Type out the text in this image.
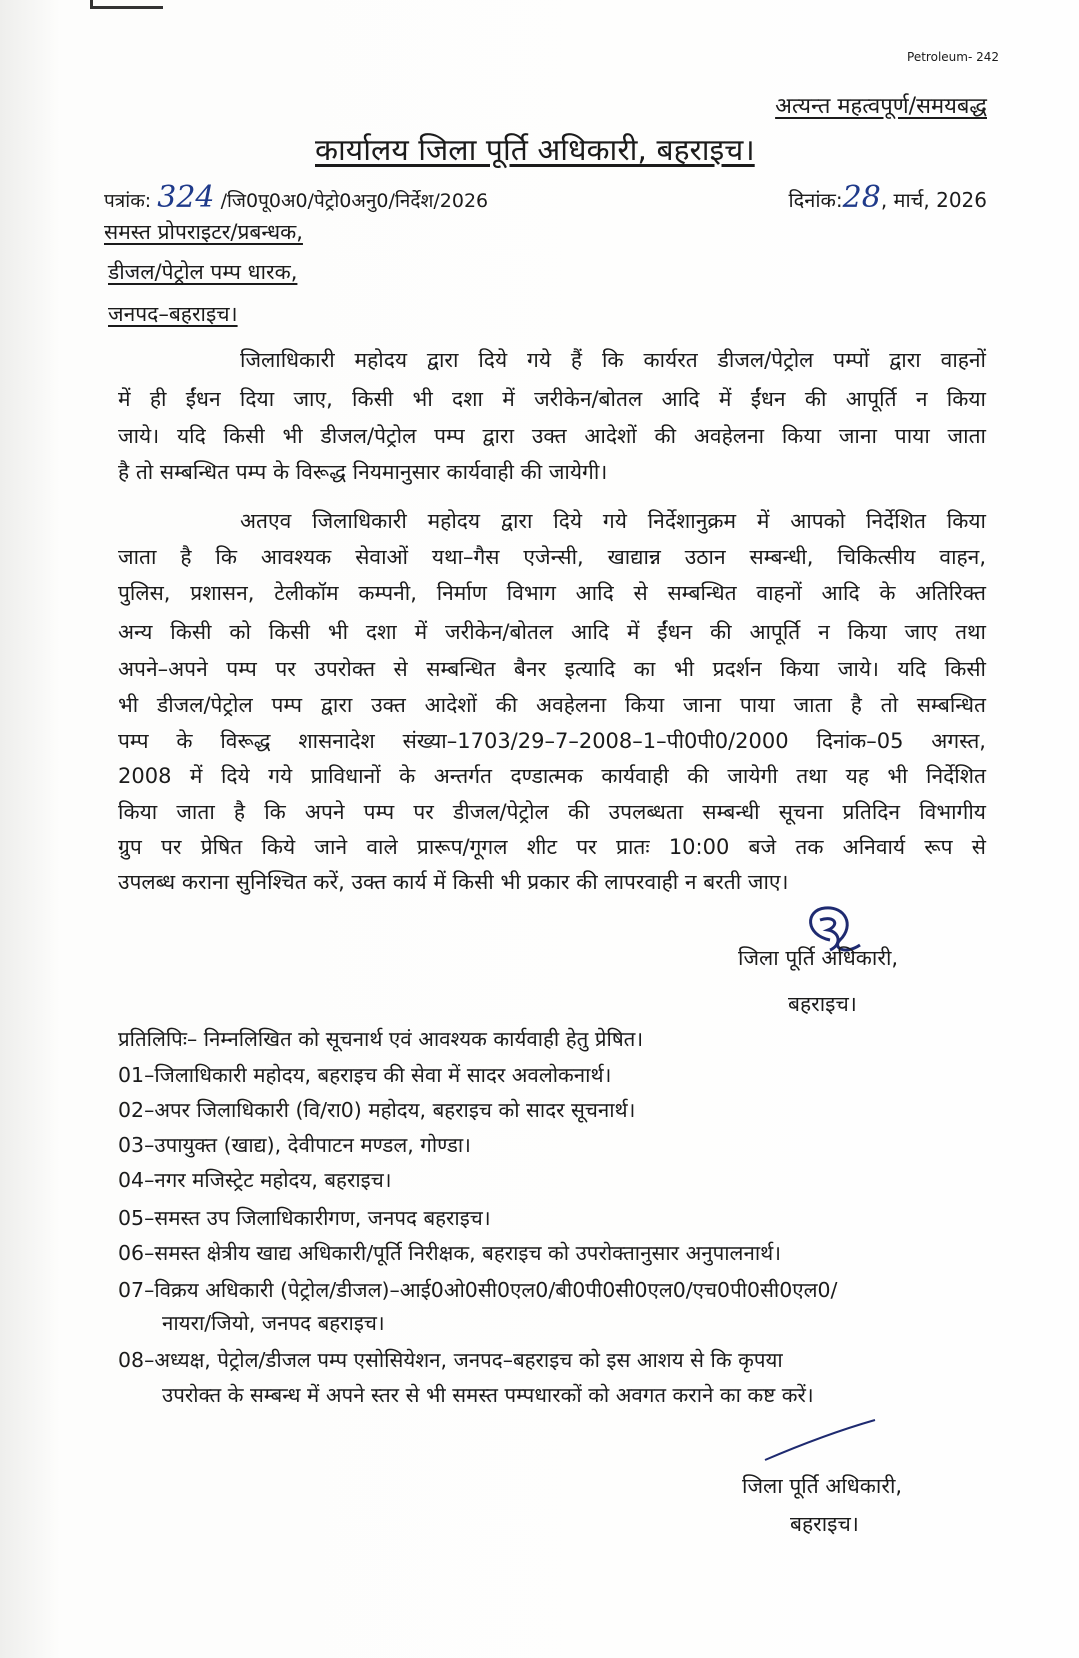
Petroleum- 242
अत्यन्त महत्वपूर्ण/समयबद्ध
कार्यालय जिला पूर्ति अधिकारी, बहराइच।
पत्रांक: 324 /जि0पू0अ0/पेट्रो0अनु0/निर्देश/2026	दिनांक:28, मार्च, 2026
समस्त प्रोपराइटर/प्रबन्धक,
डीजल/पेट्रोल पम्प धारक,
जनपद–बहराइच।
जिलाधिकारी महोदय द्वारा दिये गये हैं कि कार्यरत डीजल/पेट्रोल पम्पों द्वारा वाहनों
में ही ईंधन दिया जाए, किसी भी दशा में जरीकेन/बोतल आदि में ईंधन की आपूर्ति न किया
जाये। यदि किसी भी डीजल/पेट्रोल पम्प द्वारा उक्त आदेशों की अवहेलना किया जाना पाया जाता
है तो सम्बन्धित पम्प के विरूद्ध नियमानुसार कार्यवाही की जायेगी।
अतएव जिलाधिकारी महोदय द्वारा दिये गये निर्देशानुक्रम में आपको निर्देशित किया
जाता है कि आवश्यक सेवाओं यथा–गैस एजेन्सी, खाद्यान्न उठान सम्बन्धी, चिकित्सीय वाहन,
पुलिस, प्रशासन, टेलीकॉम कम्पनी, निर्माण विभाग आदि से सम्बन्धित वाहनों आदि के अतिरिक्त
अन्य किसी को किसी भी दशा में जरीकेन/बोतल आदि में ईंधन की आपूर्ति न किया जाए तथा
अपने–अपने पम्प पर उपरोक्त से सम्बन्धित बैनर इत्यादि का भी प्रदर्शन किया जाये। यदि किसी
भी डीजल/पेट्रोल पम्प द्वारा उक्त आदेशों की अवहेलना किया जाना पाया जाता है तो सम्बन्धित
पम्प के विरूद्ध शासनादेश संख्या–1703/29–7–2008–1–पी0पी0/2000 दिनांक–05 अगस्त,
2008 में दिये गये प्राविधानों के अन्तर्गत दण्डात्मक कार्यवाही की जायेगी तथा यह भी निर्देशित
किया जाता है कि अपने पम्प पर डीजल/पेट्रोल की उपलब्धता सम्बन्धी सूचना प्रतिदिन विभागीय
ग्रुप पर प्रेषित किये जाने वाले प्रारूप/गूगल शीट पर प्रातः 10:00 बजे तक अनिवार्य रूप से
उपलब्ध कराना सुनिश्चित करें, उक्त कार्य में किसी भी प्रकार की लापरवाही न बरती जाए।
जिला पूर्ति अधिकारी,
बहराइच।
प्रतिलिपिः– निम्नलिखित को सूचनार्थ एवं आवश्यक कार्यवाही हेतु प्रेषित।
01–जिलाधिकारी महोदय, बहराइच की सेवा में सादर अवलोकनार्थ।
02–अपर जिलाधिकारी (वि/रा0) महोदय, बहराइच को सादर सूचनार्थ।
03–उपायुक्त (खाद्य), देवीपाटन मण्डल, गोण्डा।
04–नगर मजिस्ट्रेट महोदय, बहराइच।
05–समस्त उप जिलाधिकारीगण, जनपद बहराइच।
06–समस्त क्षेत्रीय खाद्य अधिकारी/पूर्ति निरीक्षक, बहराइच को उपरोक्तानुसार अनुपालनार्थ।
07–विक्रय अधिकारी (पेट्रोल/डीजल)–आई0ओ0सी0एल0/बी0पी0सी0एल0/एच0पी0सी0एल0/
नायरा/जियो, जनपद बहराइच।
08–अध्यक्ष, पेट्रोल/डीजल पम्प एसोसियेशन, जनपद–बहराइच को इस आशय से कि कृपया
उपरोक्त के सम्बन्ध में अपने स्तर से भी समस्त पम्पधारकों को अवगत कराने का कष्ट करें।
जिला पूर्ति अधिकारी,
बहराइच।
